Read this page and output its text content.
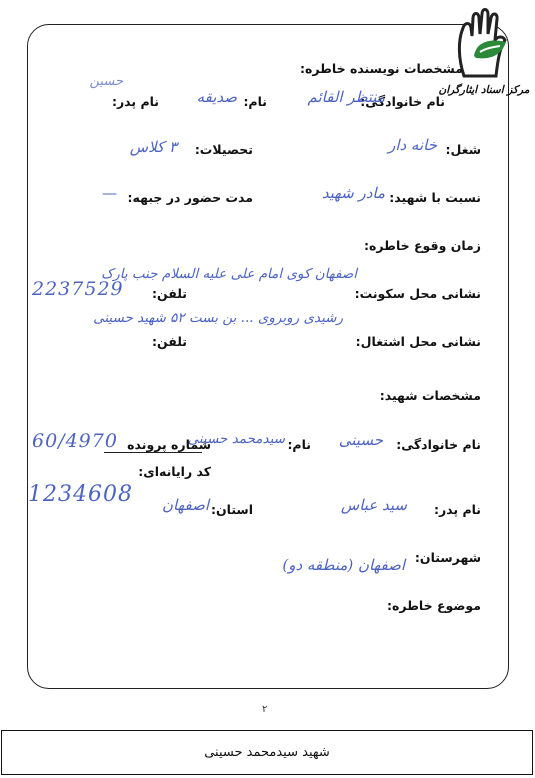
مرکز اسناد ایثارگران
مشخصات نویسنده خاطره:
نام خانوادگی:
منتظر القائم
نام:
صدیقه
نام پدر:
حسین
شغل:
خانه دار
تحصیلات:
۳ کلاس
نسبت با شهید:
مادر شهید
مدت حضور در جبهه:
—
زمان وقوع خاطره:
نشانی محل سکونت:
اصفهان کوی امام علی علیه السلام جنب پارک
رشیدی روبروی ... بن بست ۵۲ شهید حسینی
تلفن:
2237529
نشانی محل اشتغال:
تلفن:
مشخصات شهید:
نام خانوادگی:
حسینی
نام:
سیدمحمد حسینی
شماره پرونده
60/4970
کد رایانه‌ای:
1234608
نام پدر:
سید عباس
استان:
اصفهان
شهرستان:
اصفهان (منطقه دو)
موضوع خاطره:
۲
شهید سیدمحمد حسینی
